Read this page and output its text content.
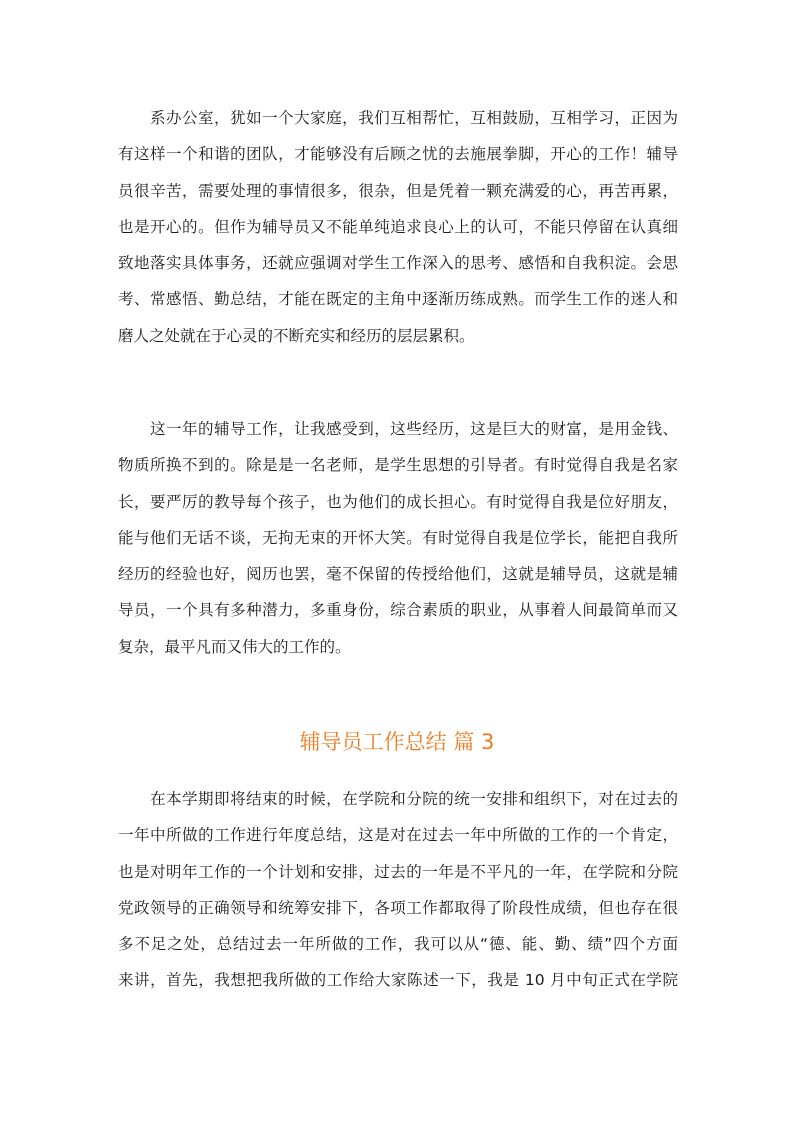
系办公室，犹如一个大家庭，我们互相帮忙，互相鼓励，互相学习，正因为
有这样一个和谐的团队，才能够没有后顾之忧的去施展拳脚，开心的工作！辅导
员很辛苦，需要处理的事情很多，很杂，但是凭着一颗充满爱的心，再苦再累，
也是开心的。但作为辅导员又不能单纯追求良心上的认可，不能只停留在认真细
致地落实具体事务，还就应强调对学生工作深入的思考、感悟和自我积淀。会思
考、常感悟、勤总结，才能在既定的主角中逐渐历练成熟。而学生工作的迷人和
磨人之处就在于心灵的不断充实和经历的层层累积。
这一年的辅导工作，让我感受到，这些经历，这是巨大的财富，是用金钱、
物质所换不到的。除是是一名老师，是学生思想的引导者。有时觉得自我是名家
长，要严厉的教导每个孩子，也为他们的成长担心。有时觉得自我是位好朋友，
能与他们无话不谈，无拘无束的开怀大笑。有时觉得自我是位学长，能把自我所
经历的经验也好，阅历也罢，毫不保留的传授给他们，这就是辅导员，这就是辅
导员，一个具有多种潜力，多重身份，综合素质的职业，从事着人间最简单而又
复杂，最平凡而又伟大的工作的。
辅导员工作总结 篇 3
在本学期即将结束的时候，在学院和分院的统一安排和组织下，对在过去的
一年中所做的工作进行年度总结，这是对在过去一年中所做的工作的一个肯定，
也是对明年工作的一个计划和安排，过去的一年是不平凡的一年，在学院和分院
党政领导的正确领导和统筹安排下，各项工作都取得了阶段性成绩，但也存在很
多不足之处，总结过去一年所做的工作，我可以从“德、能、勤、绩”四个方面
来讲，首先，我想把我所做的工作给大家陈述一下，我是 10 月中旬正式在学院
